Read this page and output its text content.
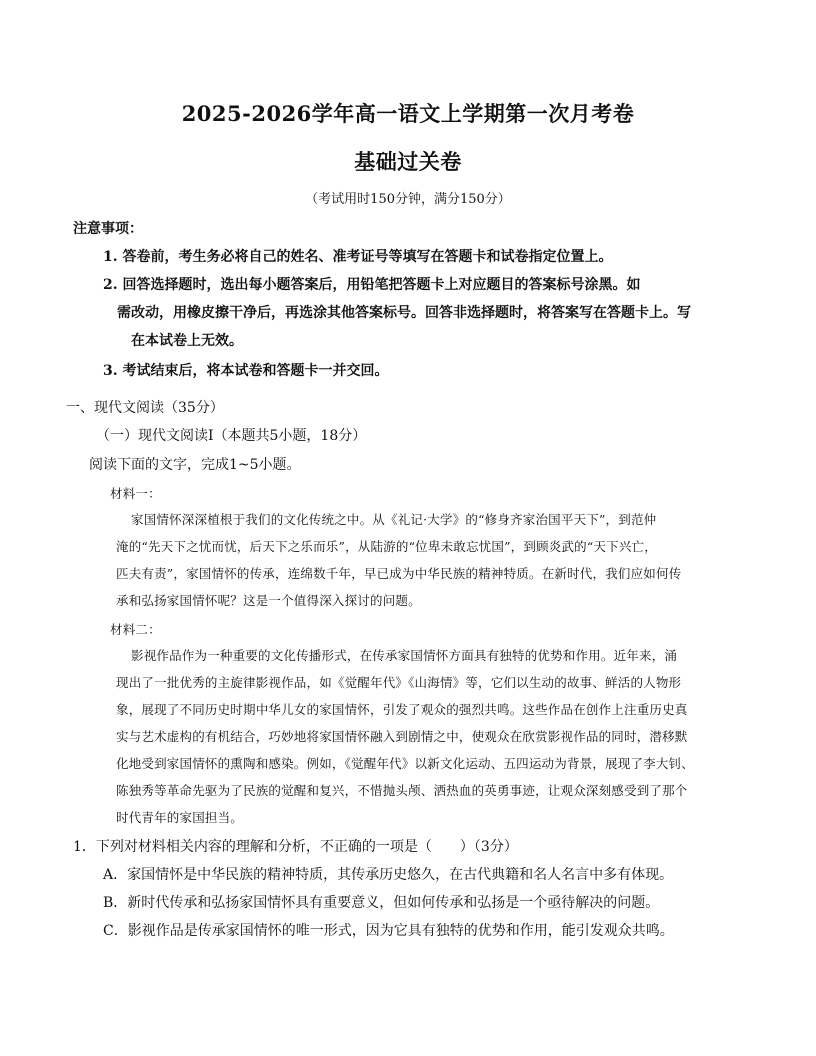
2025-2026学年高一语文上学期第一次月考卷
基础过关卷
（考试用时150分钟，满分150分）
注意事项：
1. 答卷前，考生务必将自己的姓名、准考证号等填写在答题卡和试卷指定位置上。
2. 回答选择题时，选出每小题答案后，用铅笔把答题卡上对应题目的答案标号涂黑。如
需改动，用橡皮擦干净后，再选涂其他答案标号。回答非选择题时，将答案写在答题卡上。写
在本试卷上无效。
3. 考试结束后，将本试卷和答题卡一并交回。
一、现代文阅读（35分）
（一）现代文阅读Ⅰ（本题共5小题，18分）
阅读下面的文字，完成1~5小题。
材料一：
家国情怀深深植根于我们的文化传统之中。从《礼记·大学》的“修身齐家治国平天下”，到范仲
淹的“先天下之忧而忧，后天下之乐而乐”，从陆游的“位卑未敢忘忧国”，到顾炎武的“天下兴亡，
匹夫有责”，家国情怀的传承，连绵数千年，早已成为中华民族的精神特质。在新时代，我们应如何传
承和弘扬家国情怀呢？这是一个值得深入探讨的问题。
材料二：
影视作品作为一种重要的文化传播形式，在传承家国情怀方面具有独特的优势和作用。近年来，涌
现出了一批优秀的主旋律影视作品，如《觉醒年代》《山海情》等，它们以生动的故事、鲜活的人物形
象，展现了不同历史时期中华儿女的家国情怀，引发了观众的强烈共鸣。这些作品在创作上注重历史真
实与艺术虚构的有机结合，巧妙地将家国情怀融入到剧情之中，使观众在欣赏影视作品的同时，潜移默
化地受到家国情怀的熏陶和感染。例如，《觉醒年代》以新文化运动、五四运动为背景，展现了李大钊、
陈独秀等革命先驱为了民族的觉醒和复兴，不惜抛头颅、洒热血的英勇事迹，让观众深刻感受到了那个
时代青年的家国担当。
1．下列对材料相关内容的理解和分析，不正确的一项是（　　）（3分）
A．家国情怀是中华民族的精神特质，其传承历史悠久，在古代典籍和名人名言中多有体现。
B．新时代传承和弘扬家国情怀具有重要意义，但如何传承和弘扬是一个亟待解决的问题。
C．影视作品是传承家国情怀的唯一形式，因为它具有独特的优势和作用，能引发观众共鸣。
